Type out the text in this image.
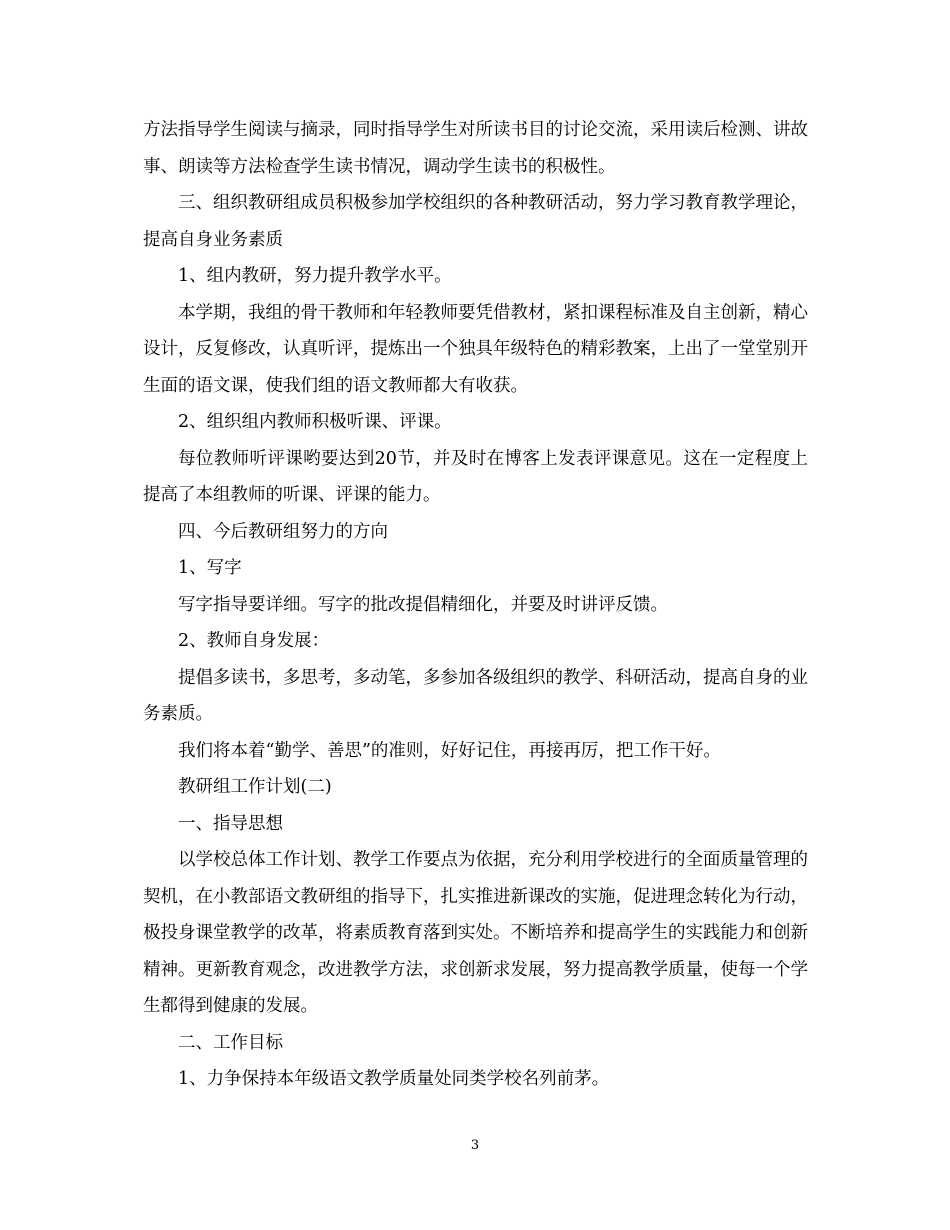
方法指导学生阅读与摘录，同时指导学生对所读书目的讨论交流，采用读后检测、讲故事、朗读等方法检查学生读书情况，调动学生读书的积极性。

三、组织教研组成员积极参加学校组织的各种教研活动，努力学习教育教学理论，提高自身业务素质

1、组内教研，努力提升教学水平。

本学期，我组的骨干教师和年轻教师要凭借教材，紧扣课程标准及自主创新，精心设计，反复修改，认真听评，提炼出一个独具年级特色的精彩教案，上出了一堂堂别开生面的语文课，使我们组的语文教师都大有收获。

2、组织组内教师积极听课、评课。

每位教师听评课哟要达到20节，并及时在博客上发表评课意见。这在一定程度上提高了本组教师的听课、评课的能力。

四、今后教研组努力的方向

1、写字

写字指导要详细。写字的批改提倡精细化，并要及时讲评反馈。

2、教师自身发展：

提倡多读书，多思考，多动笔，多参加各级组织的教学、科研活动，提高自身的业务素质。

我们将本着“勤学、善思”的准则，好好记住，再接再厉，把工作干好。

教研组工作计划(二)

一、指导思想

以学校总体工作计划、教学工作要点为依据，充分利用学校进行的全面质量管理的契机，在小教部语文教研组的指导下，扎实推进新课改的实施，促进理念转化为行动，极投身课堂教学的改革，将素质教育落到实处。不断培养和提高学生的实践能力和创新精神。更新教育观念，改进教学方法，求创新求发展，努力提高教学质量，使每一个学生都得到健康的发展。

二、工作目标

1、力争保持本年级语文教学质量处同类学校名列前茅。

3
